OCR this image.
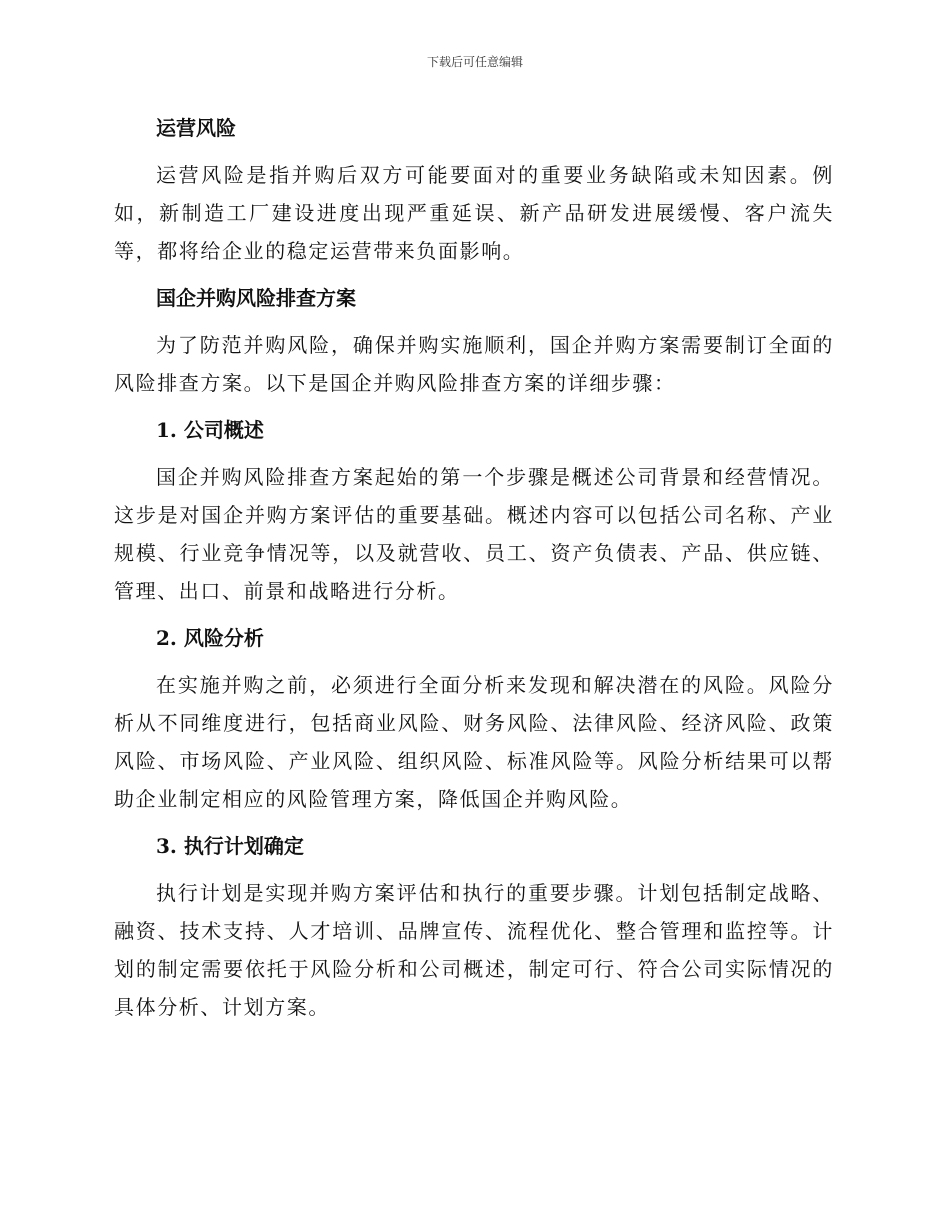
下载后可任意编辑
运营风险

运营风险是指并购后双方可能要面对的重要业务缺陷或未知因素。例如，新制造工厂建设进度出现严重延误、新产品研发进展缓慢、客户流失等，都将给企业的稳定运营带来负面影响。

国企并购风险排查方案

为了防范并购风险，确保并购实施顺利，国企并购方案需要制订全面的风险排查方案。以下是国企并购风险排查方案的详细步骤：

1. 公司概述

国企并购风险排查方案起始的第一个步骤是概述公司背景和经营情况。这步是对国企并购方案评估的重要基础。概述内容可以包括公司名称、产业规模、行业竞争情况等，以及就营收、员工、资产负债表、产品、供应链、管理、出口、前景和战略进行分析。

2. 风险分析

在实施并购之前，必须进行全面分析来发现和解决潜在的风险。风险分析从不同维度进行，包括商业风险、财务风险、法律风险、经济风险、政策风险、市场风险、产业风险、组织风险、标准风险等。风险分析结果可以帮助企业制定相应的风险管理方案，降低国企并购风险。

3. 执行计划确定

执行计划是实现并购方案评估和执行的重要步骤。计划包括制定战略、融资、技术支持、人才培训、品牌宣传、流程优化、整合管理和监控等。计划的制定需要依托于风险分析和公司概述，制定可行、符合公司实际情况的具体分析、计划方案。
